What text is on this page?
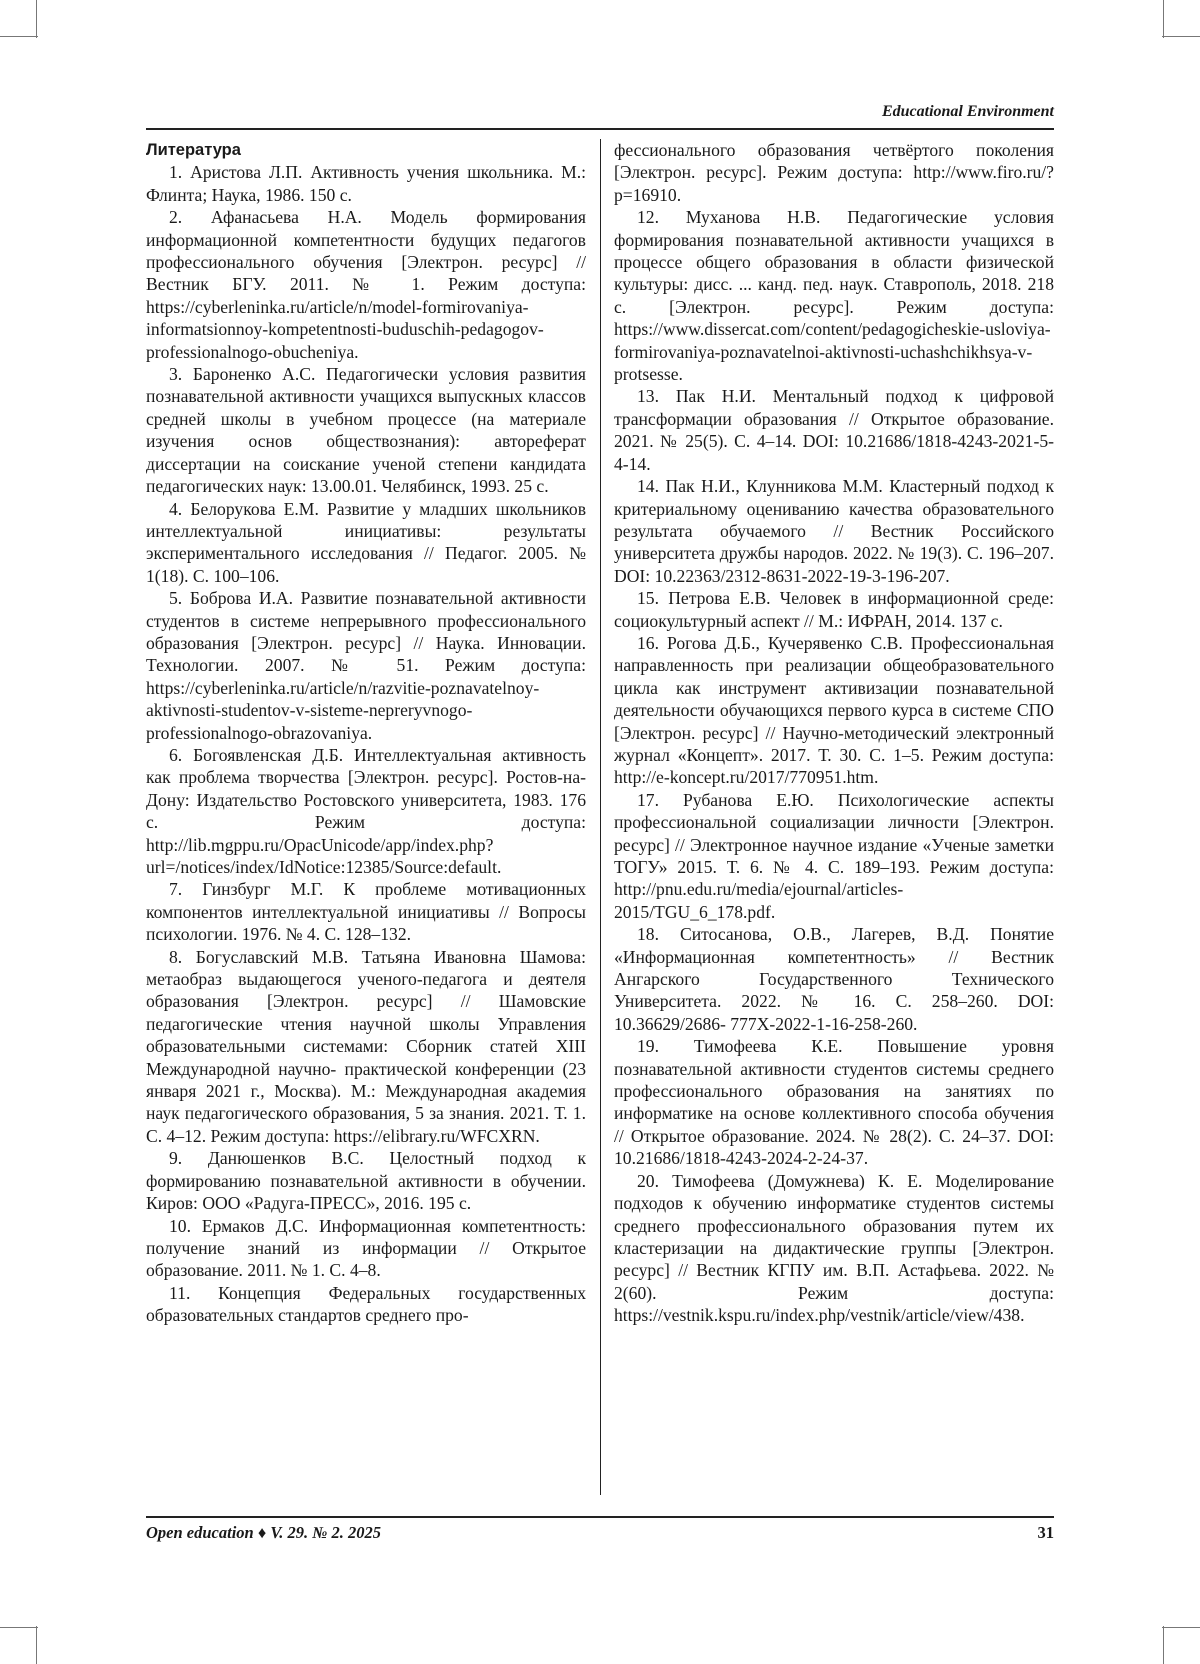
Educational Environment
Литература

1. Аристова Л.П. Активность учения школьника. М.: Флинта; Наука, 1986. 150 с.

2. Афанасьева Н.А. Модель формирования информационной компетентности будущих педагогов профессионального обучения [Электрон. ресурс] // Вестник БГУ. 2011. № 1. Режим доступа: https://cyberleninka.ru/article/n/model-formirovaniya-informatsionnoy-kompetentnosti-buduschih-pedagogov-professionalnogo-obucheniya.

3. Бароненко А.С. Педагогически условия развития познавательной активности учащихся выпускных классов средней школы в учебном процессе (на материале изучения основ обществознания): автореферат диссертации на соискание ученой степени кандидата педагогических наук: 13.00.01. Челябинск, 1993. 25 с.

4. Белорукова Е.М. Развитие у младших школьников интеллектуальной инициативы: результаты экспериментального исследования // Педагог. 2005. № 1(18). С. 100–106.

5. Боброва И.А. Развитие познавательной активности студентов в системе непрерывного профессионального образования [Электрон. ресурс] // Наука. Инновации. Технологии. 2007. № 51. Режим доступа: https://cyberleninka.ru/article/n/razvitie-poznavatelnoy-aktivnosti-studentov-v-sisteme-nepreryvnogo-professionalnogo-obrazovaniya.

6. Богоявленская Д.Б. Интеллектуальная активность как проблема творчества [Электрон. ресурс]. Ростов-на-Дону: Издательство Ростовского университета, 1983. 176 с. Режим доступа: http://lib.mgppu.ru/OpacUnicode/app/index.php?url=/notices/index/IdNotice:12385/Source:default.

7. Гинзбург М.Г. К проблеме мотивационных компонентов интеллектуальной инициативы // Вопросы психологии. 1976. № 4. С. 128–132.

8. Богуславский М.В. Татьяна Ивановна Шамова: метаобраз выдающегося ученого-педагога и деятеля образования [Электрон. ресурс] // Шамовские педагогические чтения научной школы Управления образовательными системами: Сборник статей XIII Международной научно- практической конференции (23 января 2021 г., Москва). М.: Международная академия наук педагогического образования, 5 за знания. 2021. Т. 1. С. 4–12. Режим доступа: https://elibrary.ru/WFCXRN.

9. Данюшенков В.С. Целостный подход к формированию познавательной активности в обучении. Киров: ООО «Радуга-ПРЕСС», 2016. 195 с.

10. Ермаков Д.С. Информационная компетентность: получение знаний из информации // Открытое образование. 2011. № 1. С. 4–8.

11. Концепция Федеральных государственных образовательных стандартов среднего про-

фессионального образования четвёртого поколения [Электрон. ресурс]. Режим доступа: http://www.firo.ru/?p=16910.

12. Муханова Н.В. Педагогические условия формирования познавательной активности учащихся в процессе общего образования в области физической культуры: дисс. ... канд. пед. наук. Ставрополь, 2018. 218 с. [Электрон. ресурс]. Режим доступа: https://www.dissercat.com/content/pedagogicheskie-usloviya-formirovaniya-poznavatelnoi-aktivnosti-uchashchikhsya-v-protsesse.

13. Пак Н.И. Ментальный подход к цифровой трансформации образования // Открытое образование. 2021. № 25(5). С. 4–14. DOI: 10.21686/1818-4243-2021-5-4-14.

14. Пак Н.И., Клунникова М.М. Кластерный подход к критериальному оцениванию качества образовательного результата обучаемого // Вестник Российского университета дружбы народов. 2022. № 19(3). С. 196–207. DOI: 10.22363/2312-8631-2022-19-3-196-207.

15. Петрова Е.В. Человек в информационной среде: социокультурный аспект // М.: ИФРАН, 2014. 137 с.

16. Рогова Д.Б., Кучерявенко С.В. Профессиональная направленность при реализации общеобразовательного цикла как инструмент активизации познавательной деятельности обучающихся первого курса в системе СПО [Электрон. ресурс] // Научно-методический электронный журнал «Концепт». 2017. Т. 30. С. 1–5. Режим доступа: http://e-koncept.ru/2017/770951.htm.

17. Рубанова Е.Ю. Психологические аспекты профессиональной социализации личности [Электрон. ресурс] // Электронное научное издание «Ученые заметки ТОГУ» 2015. Т. 6. № 4. С. 189–193. Режим доступа: http://pnu.edu.ru/media/ejournal/articles-2015/TGU_6_178.pdf.

18. Ситосанова, О.В., Лагерев, В.Д. Понятие «Информационная компетентность» // Вестник Ангарского Государственного Технического Университета. 2022. № 16. С. 258–260. DOI: 10.36629/2686- 777X-2022-1-16-258-260.

19. Тимофеева К.Е. Повышение уровня познавательной активности студентов системы среднего профессионального образования на занятиях по информатике на основе коллективного способа обучения // Открытое образование. 2024. № 28(2). С. 24–37. DOI: 10.21686/1818-4243-2024-2-24-37.

20. Тимофеева (Домужнева) К. Е. Моделирование подходов к обучению информатике студентов системы среднего профессионального образования путем их кластеризации на дидактические группы [Электрон. ресурс] // Вестник КГПУ им. В.П. Астафьева. 2022. № 2(60). Режим доступа: https://vestnik.kspu.ru/index.php/vestnik/article/view/438.

Open education ♦ V. 29. № 2. 2025	31
